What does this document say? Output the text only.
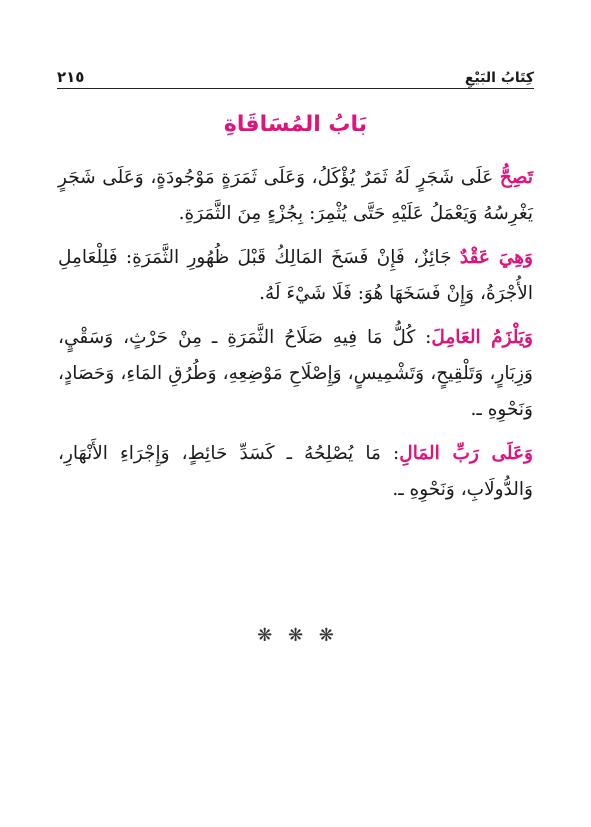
٢١٥	كِتَابُ البَيْعِ
بَابُ المُسَاقَاةِ

تَصِحُّ عَلَى شَجَرٍ لَهُ ثَمَرٌ يُؤْكَلُ، وَعَلَى ثَمَرَةٍ مَوْجُودَةٍ، وَعَلَى شَجَرٍ يَغْرِسُهُ وَيَعْمَلُ عَلَيْهِ حَتَّى يُثْمِرَ: بِجُزْءٍ مِنَ الثَّمَرَةِ.

وَهِيَ عَقْدٌ جَائِزٌ، فَإِنْ فَسَخَ المَالِكُ قَبْلَ ظُهُورِ الثَّمَرَةِ: فَلِلْعَامِلِ الأُجْرَةُ، وَإِنْ فَسَخَهَا هُوَ: فَلَا شَيْءَ لَهُ.

وَيَلْزَمُ العَامِلَ: كُلُّ مَا فِيهِ صَلَاحُ الثَّمَرَةِ ـ مِنْ حَرْثٍ، وَسَقْيٍ، وَزِبَارٍ، وَتَلْقِيحٍ، وَتَشْمِيسٍ، وَإِصْلَاحِ مَوْضِعِهِ، وَطُرُقِ المَاءِ، وَحَصَادٍ، وَنَحْوِهِ ـ.

وَعَلَى رَبِّ المَالِ: مَا يُصْلِحُهُ ـ كَسَدِّ حَائِطٍ، وَإِجْرَاءِ الأَنْهَارِ، وَالدُّولَابِ، وَنَحْوِهِ ـ.

❋ ❋ ❋
